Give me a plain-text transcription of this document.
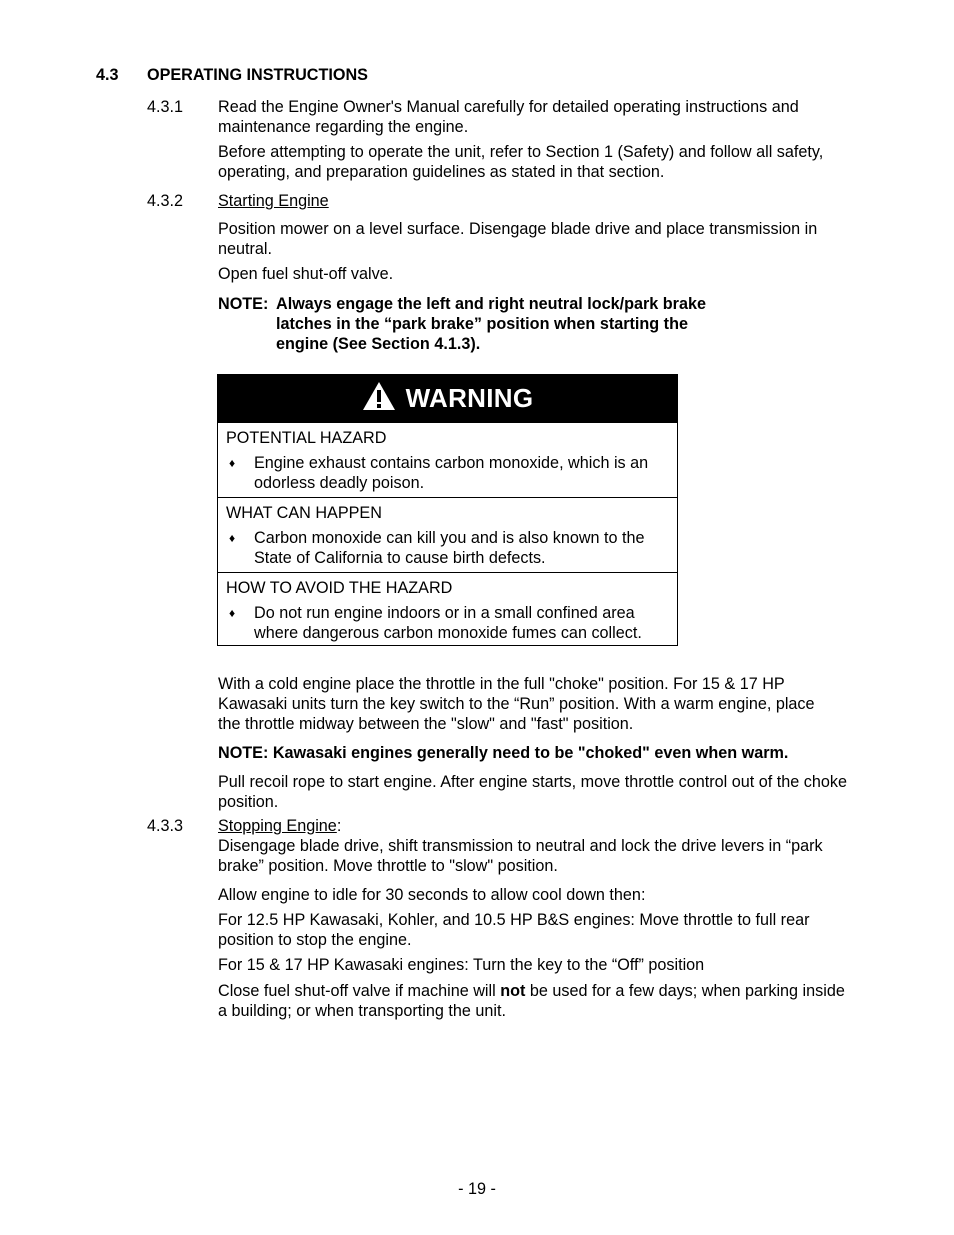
4.3 OPERATING INSTRUCTIONS
4.3.1 Read the Engine Owner's Manual carefully for detailed operating instructions and maintenance regarding the engine.

Before attempting to operate the unit, refer to Section 1 (Safety) and follow all safety, operating, and preparation guidelines as stated in that section.

4.3.2 Starting Engine

Position mower on a level surface. Disengage blade drive and place transmission in neutral.

Open fuel shut-off valve.

NOTE: Always engage the left and right neutral lock/park brake latches in the “park brake” position when starting the engine (See Section 4.1.3).
WARNING
POTENTIAL HAZARD
♦ Engine exhaust contains carbon monoxide, which is an odorless deadly poison.
WHAT CAN HAPPEN
♦ Carbon monoxide can kill you and is also known to the State of California to cause birth defects.
HOW TO AVOID THE HAZARD
♦ Do not run engine indoors or in a small confined area where dangerous carbon monoxide fumes can collect.

With a cold engine place the throttle in the full "choke" position. For 15 & 17 HP Kawasaki units turn the key switch to the “Run” position. With a warm engine, place the throttle midway between the "slow" and "fast" position.

NOTE: Kawasaki engines generally need to be "choked" even when warm.

Pull recoil rope to start engine. After engine starts, move throttle control out of the choke position.

4.3.3 Stopping Engine:

Disengage blade drive, shift transmission to neutral and lock the drive levers in “park brake” position. Move throttle to "slow" position.

Allow engine to idle for 30 seconds to allow cool down then:

For 12.5 HP Kawasaki, Kohler, and 10.5 HP B&S engines: Move throttle to full rear position to stop the engine.

For 15 & 17 HP Kawasaki engines: Turn the key to the “Off” position

Close fuel shut-off valve if machine will not be used for a few days; when parking inside a building; or when transporting the unit.

- 19 -
